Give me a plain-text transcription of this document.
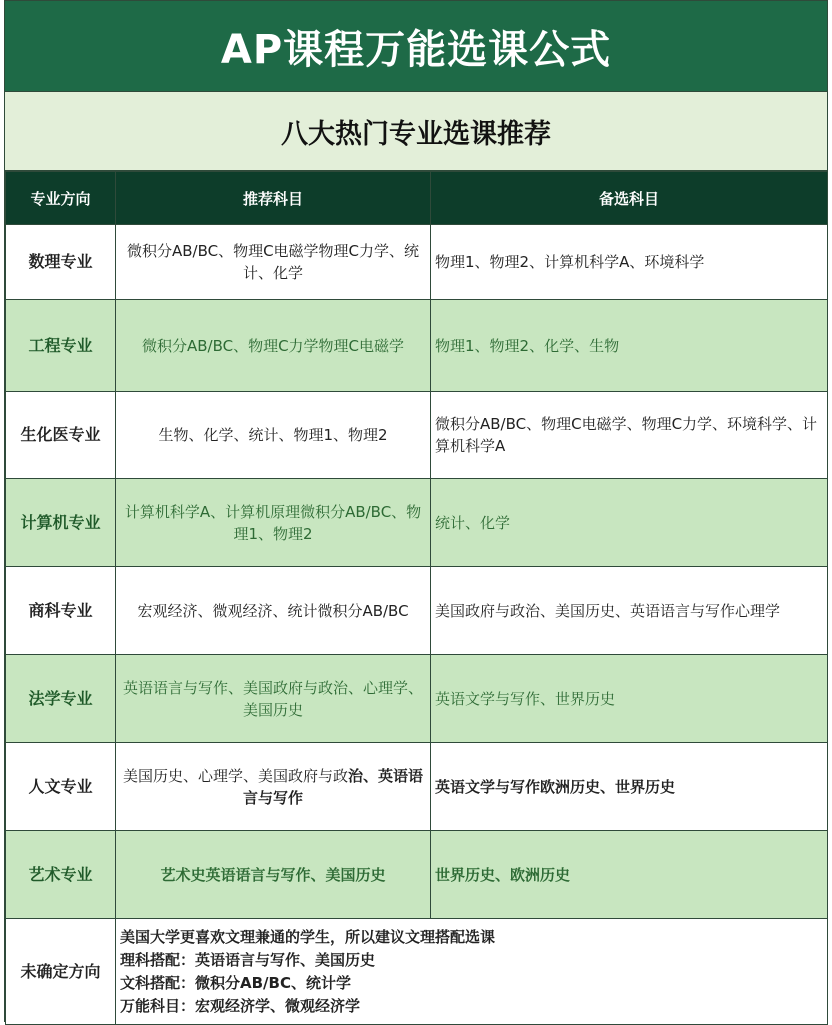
AP课程万能选课公式
八大热门专业选课推荐
专业方向	推荐科目	备选科目
数理专业	微积分AB/BC、物理C电磁学物理C力学、统计、化学	物理1、物理2、计算机科学A、环境科学
工程专业	微积分AB/BC、物理C力学物理C电磁学	物理1、物理2、化学、生物
生化医专业	生物、化学、统计、物理1、物理2	微积分AB/BC、物理C电磁学、物理C力学、环境科学、计算机科学A
计算机专业	计算机科学A、计算机原理微积分AB/BC、物理1、物理2	统计、化学
商科专业	宏观经济、微观经济、统计微积分AB/BC	美国政府与政治、美国历史、英语语言与写作心理学
法学专业	英语语言与写作、美国政府与政治、心理学、美国历史	英语文学与写作、世界历史
人文专业	美国历史、心理学、美国政府与政治、英语语言与写作	英语文学与写作欧洲历史、世界历史
艺术专业	艺术史英语语言与写作、美国历史	世界历史、欧洲历史
未确定方向	美国大学更喜欢文理兼通的学生，所以建议文理搭配选课
理科搭配：英语语言与写作、美国历史
文科搭配：微积分AB/BC、统计学
万能科目：宏观经济学、微观经济学	
